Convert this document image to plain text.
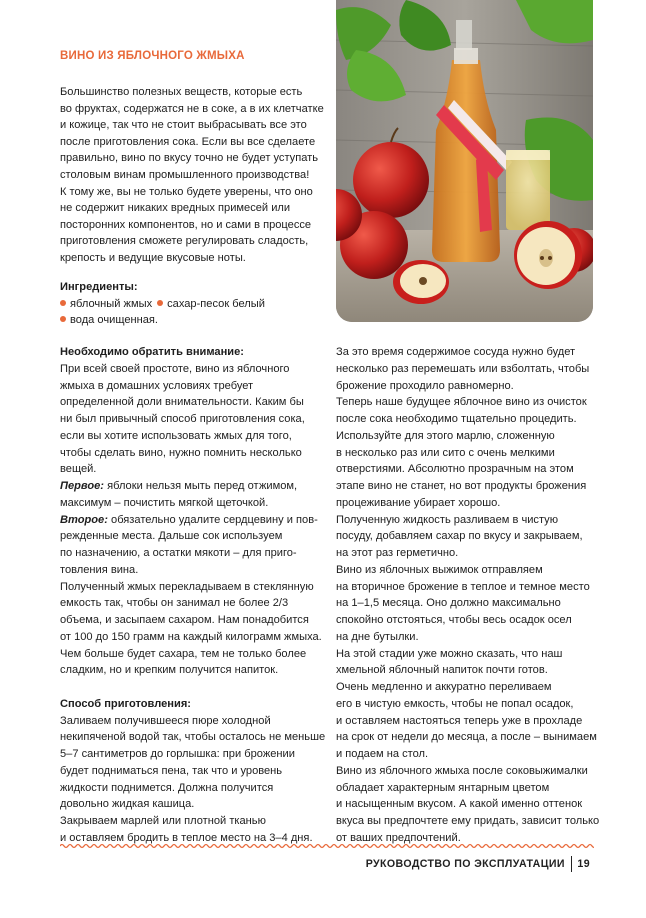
ВИНО ИЗ ЯБЛОЧНОГО ЖМЫХА

Большинство полезных веществ, которые есть
во фруктах, содержатся не в соке, а в их клетчатке
и кожице, так что не стоит выбрасывать все это
после приготовления сока. Если вы все сделаете
правильно, вино по вкусу точно не будет уступать
столовым винам промышленного производства!
К тому же, вы не только будете уверены, что оно
не содержит никаких вредных примесей или
посторонних компонентов, но и сами в процессе
приготовления сможете регулировать сладость,
крепость и ведущие вкусовые ноты.

Ингредиенты:
яблочный жмых сахар-песок белый
вода очищенная.
Необходимо обратить внимание:
При всей своей простоте, вино из яблочного
жмыха в домашних условиях требует
определенной доли внимательности. Каким бы
ни был привычный способ приготовления сока,
если вы хотите использовать жмых для того,
чтобы сделать вино, нужно помнить несколько
вещей.
Первое: яблоки нельзя мыть перед отжимом,
максимум – почистить мягкой щеточкой.
Второе: обязательно удалите сердцевину и пов-
режденные места. Дальше сок используем
по назначению, а остатки мякоти – для приго-
товления вина.
Полученный жмых перекладываем в стеклянную
емкость так, чтобы он занимал не более 2/3
объема, и засыпаем сахаром. Нам понадобится
от 100 до 150 грамм на каждый килограмм жмыха.
Чем больше будет сахара, тем не только более
сладким, но и крепким получится напиток.
Способ приготовления:
Заливаем получившееся пюре холодной
некипяченой водой так, чтобы осталось не меньше
5–7 сантиметров до горлышка: при брожении
будет подниматься пена, так что и уровень
жидкости поднимется. Должна получится
довольно жидкая кашица.
Закрываем марлей или плотной тканью
и оставляем бродить в теплое место на 3–4 дня.
За это время содержимое сосуда нужно будет
несколько раз перемешать или взболтать, чтобы
брожение проходило равномерно.
Теперь наше будущее яблочное вино из очисток
после сока необходимо тщательно процедить.
Используйте для этого марлю, сложенную
в несколько раз или сито с очень мелкими
отверстиями. Абсолютно прозрачным на этом
этапе вино не станет, но вот продукты брожения
процеживание убирает хорошо.
Полученную жидкость разливаем в чистую
посуду, добавляем сахар по вкусу и закрываем,
на этот раз герметично.
Вино из яблочных выжимок отправляем
на вторичное брожение в теплое и темное место
на 1–1,5 месяца. Оно должно максимально
спокойно отстояться, чтобы весь осадок осел
на дне бутылки.
На этой стадии уже можно сказать, что наш
хмельной яблочный напиток почти готов.
Очень медленно и аккуратно переливаем
его в чистую емкость, чтобы не попал осадок,
и оставляем настояться теперь уже в прохладе
на срок от недели до месяца, а после – вынимаем
и подаем на стол.
Вино из яблочного жмыха после соковыжималки
обладает характерным янтарным цветом
и насыщенным вкусом. А какой именно оттенок
вкуса вы предпочтете ему придать, зависит только
от ваших предпочтений.
РУКОВОДСТВО ПО ЭКСПЛУАТАЦИИ 19
